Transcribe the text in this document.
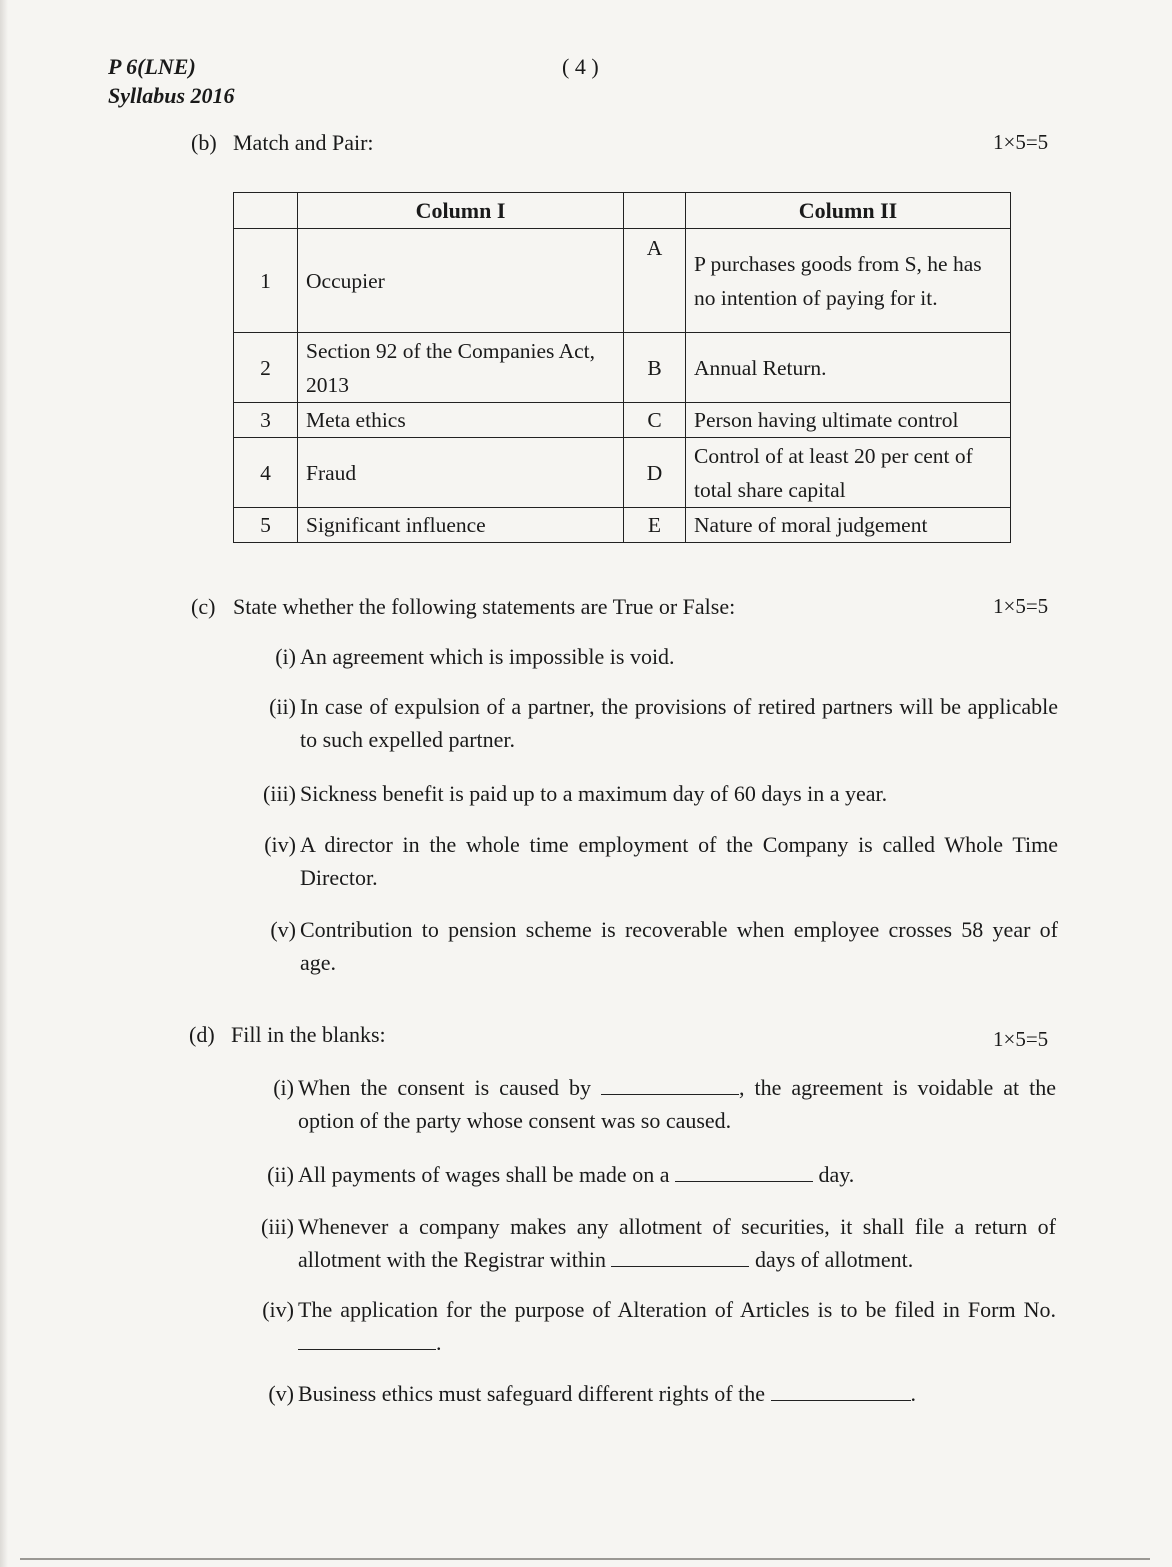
P 6(LNE)
Syllabus 2016
( 4 )
(b) Match and Pair:	1×5=5
	Column I		Column II
1	Occupier	A	P purchases goods from S, he has no intention of paying for it.
2	Section 92 of the Companies Act, 2013	B	Annual Return.
3	Meta ethics	C	Person having ultimate control
4	Fraud	D	Control of at least 20 per cent of total share capital
5	Significant influence	E	Nature of moral judgement
(c) State whether the following statements are True or False:	1×5=5
(i) An agreement which is impossible is void.
(ii) In case of expulsion of a partner, the provisions of retired partners will be applicable to such expelled partner.
(iii) Sickness benefit is paid up to a maximum day of 60 days in a year.
(iv) A director in the whole time employment of the Company is called Whole Time Director.
(v) Contribution to pension scheme is recoverable when employee crosses 58 year of age.
(d) Fill in the blanks:	1×5=5
(i) When the consent is caused by	, the agreement is voidable at the option of the party whose consent was so caused.
(ii) All payments of wages shall be made on a	day.
(iii) Whenever a company makes any allotment of securities, it shall file a return of allotment with the Registrar within	days of allotment.
(iv) The application for the purpose of Alteration of Articles is to be filed in Form No. .
(v) Business ethics must safeguard different rights of the	.
